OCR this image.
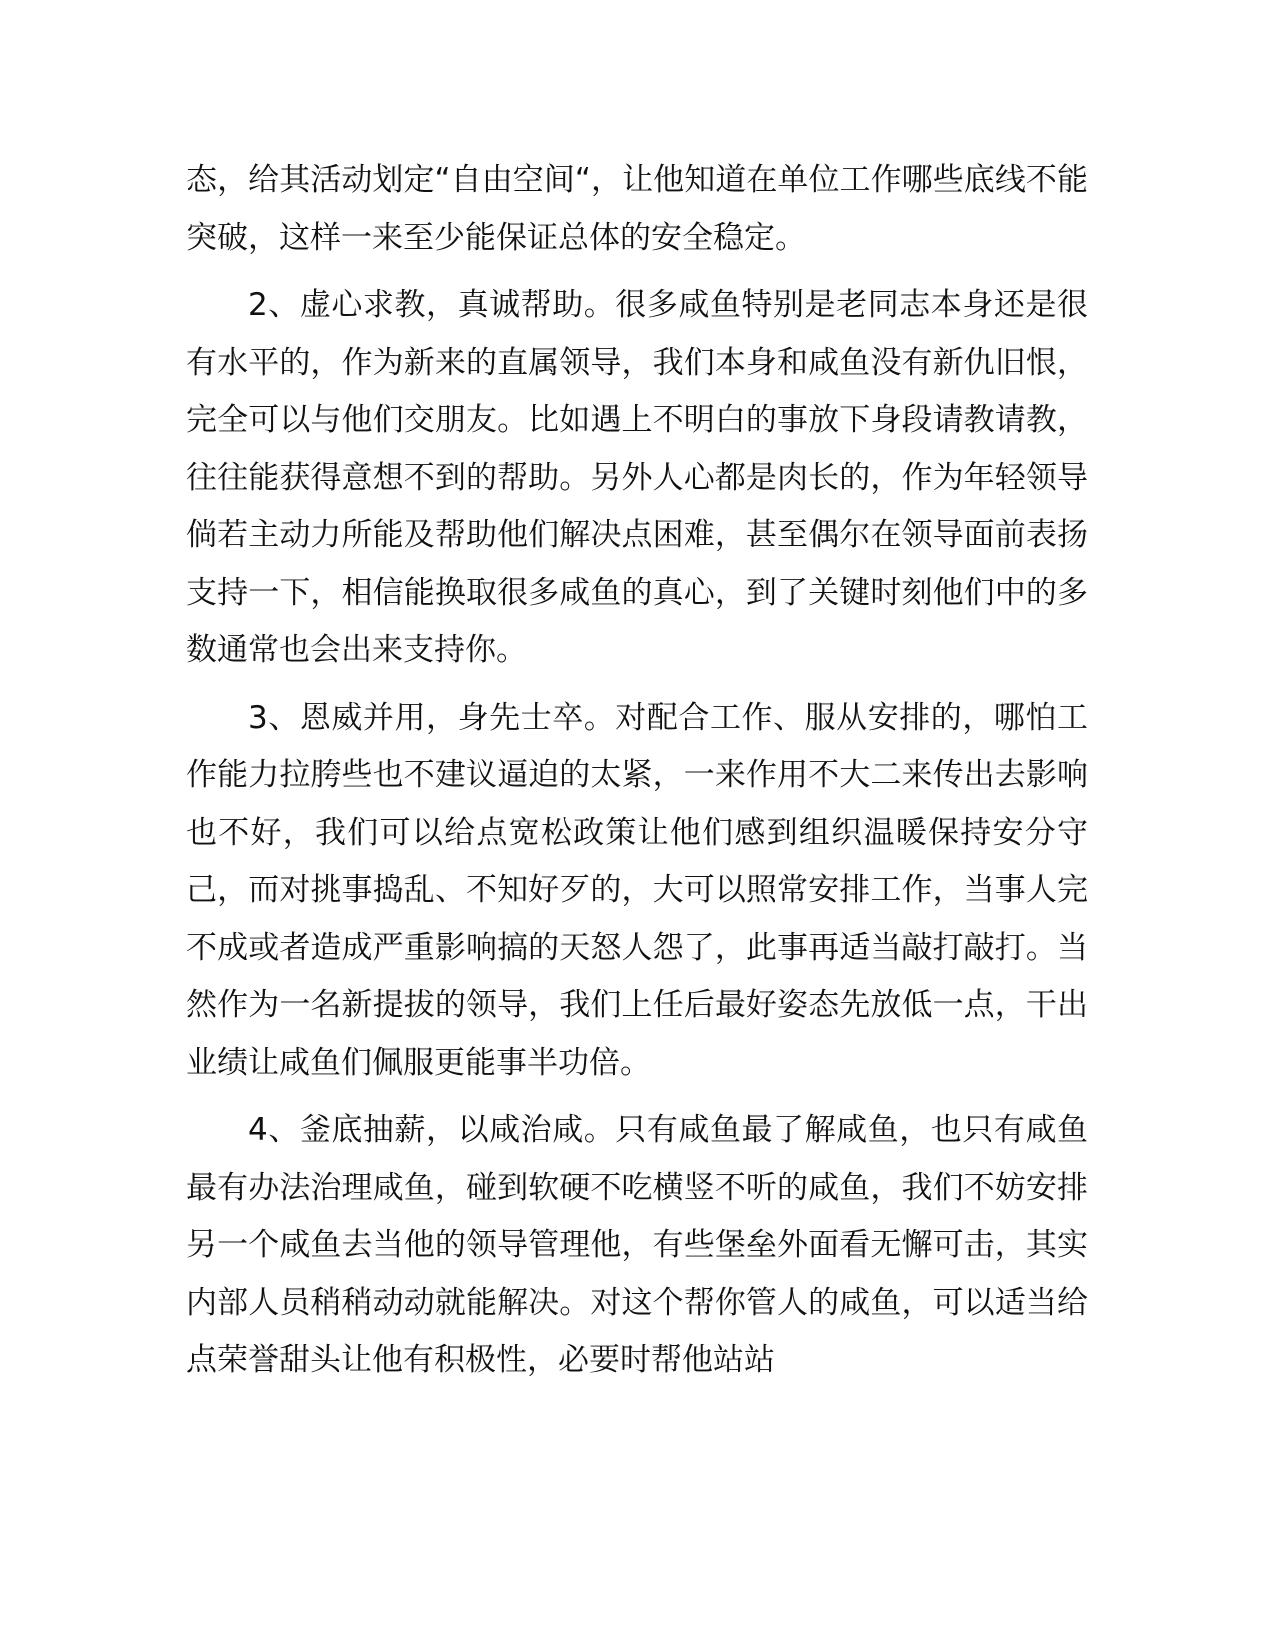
态，给其活动划定“自由空间“，让他知道在单位工作哪些底线不能突破，这样一来至少能保证总体的安全稳定。

2、虚心求教，真诚帮助。很多咸鱼特别是老同志本身还是很有水平的，作为新来的直属领导，我们本身和咸鱼没有新仇旧恨，完全可以与他们交朋友。比如遇上不明白的事放下身段请教请教，往往能获得意想不到的帮助。另外人心都是肉长的，作为年轻领导倘若主动力所能及帮助他们解决点困难，甚至偶尔在领导面前表扬支持一下，相信能换取很多咸鱼的真心，到了关键时刻他们中的多数通常也会出来支持你。

3、恩威并用，身先士卒。对配合工作、服从安排的，哪怕工作能力拉胯些也不建议逼迫的太紧，一来作用不大二来传出去影响也不好，我们可以给点宽松政策让他们感到组织温暖保持安分守己，而对挑事捣乱、不知好歹的，大可以照常安排工作，当事人完不成或者造成严重影响搞的天怒人怨了，此事再适当敲打敲打。当然作为一名新提拔的领导，我们上任后最好姿态先放低一点，干出业绩让咸鱼们佩服更能事半功倍。

4、釜底抽薪，以咸治咸。只有咸鱼最了解咸鱼，也只有咸鱼最有办法治理咸鱼，碰到软硬不吃横竖不听的咸鱼，我们不妨安排另一个咸鱼去当他的领导管理他，有些堡垒外面看无懈可击，其实内部人员稍稍动动就能解决。对这个帮你管人的咸鱼，可以适当给点荣誉甜头让他有积极性，必要时帮他站站
